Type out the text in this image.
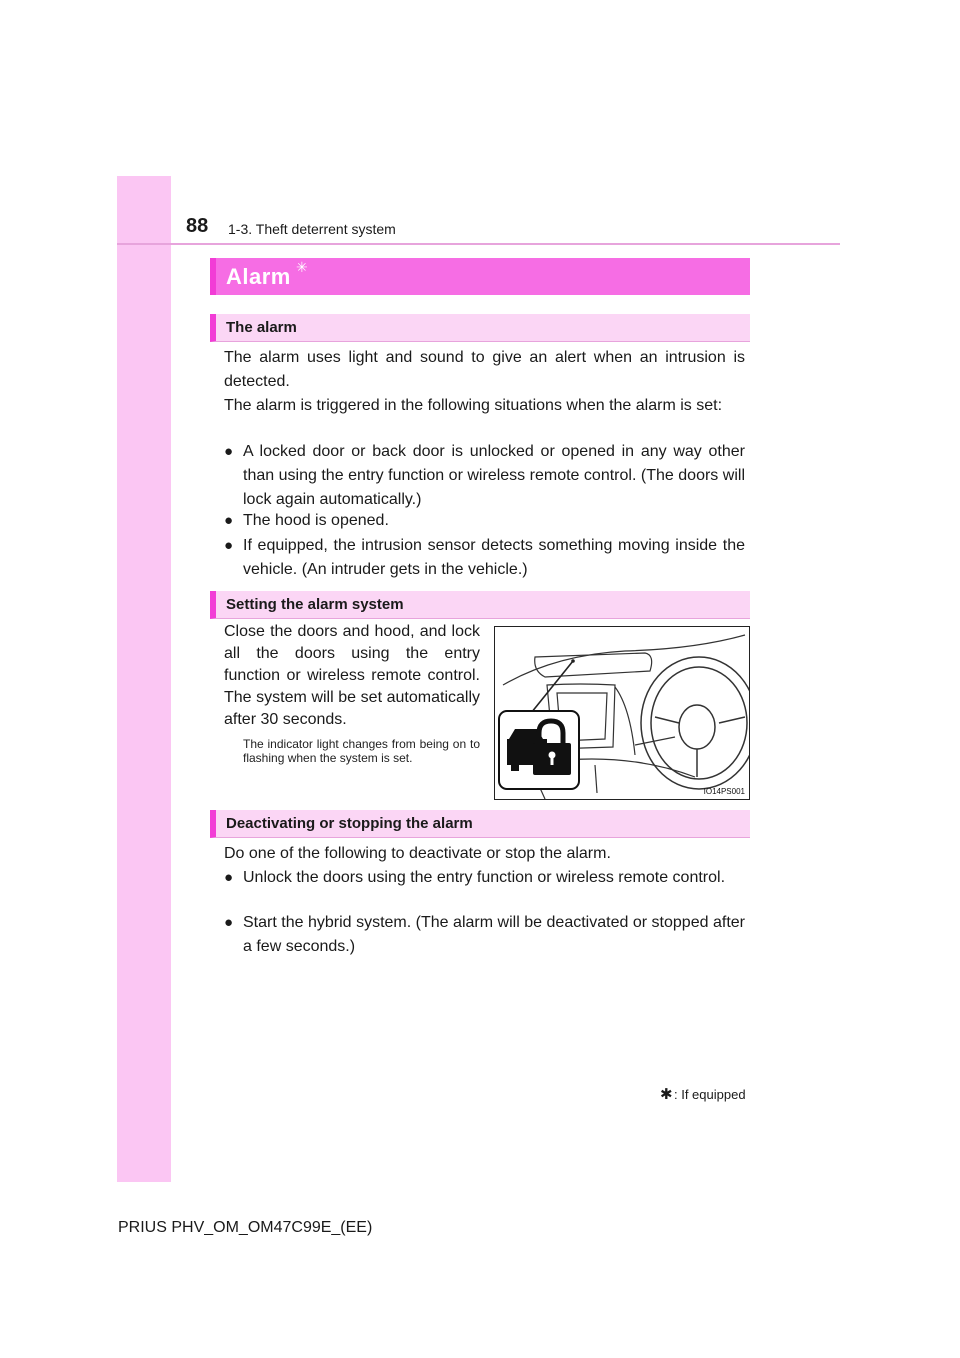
88 1-3. Theft deterrent system
Alarm ✳
The alarm
The alarm uses light and sound to give an alert when an intrusion is detected.
The alarm is triggered in the following situations when the alarm is set:
● A locked door or back door is unlocked or opened in any way other than using the entry function or wireless remote control. (The doors will lock again automatically.)
● The hood is opened.
● If equipped, the intrusion sensor detects something moving inside the vehicle. (An intruder gets in the vehicle.)
Setting the alarm system
Close the doors and hood, and lock all the doors using the entry function or wireless remote control. The system will be set automatically after 30 seconds.
The indicator light changes from being on to flashing when the system is set.
IO14PS001
Deactivating or stopping the alarm
Do one of the following to deactivate or stop the alarm.
● Unlock the doors using the entry function or wireless remote control.
● Start the hybrid system. (The alarm will be deactivated or stopped after a few seconds.)
✱ : If equipped
PRIUS PHV_OM_OM47C99E_(EE)
